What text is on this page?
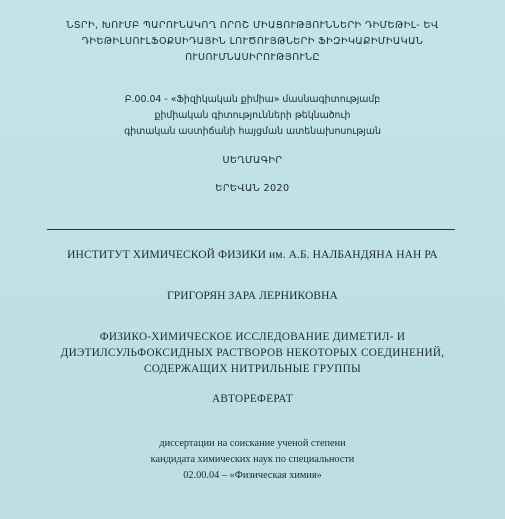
ՆՏՐԻ, ԽՈՒՄԲ ՊԱՐՈՒՆԱԿՈՂ ՈՐՈՇ ՄԻԱՑՈՒԹՅՈՒՆՆԵՐԻ ԴԻՄԵԹԻԼ- ԵՎ
ԴԻԵԹԻԼՍՈՒԼՖՕՔՍԻԴԱՅԻՆ ԼՈՒԾՈՒՅԹՆԵՐԻ ՖԻԶԻԿԱՔԻՄԻԱԿԱՆ
ՈՒՍՈՒՄՆԱՍԻՐՈՒԹՅՈՒՆԸ
Բ.00.04 - «Ֆիզիկական քիմիա» մասնագիտությամբ
քիմիական գիտությունների թեկնածուի
գիտական աստիճանի հայցման ատենախոսության
ՍԵՂՄԱԳԻՐ
ԵՐԵՎԱՆ 2020
ИНСТИТУТ ХИМИЧЕСКОЙ ФИЗИКИ им. А.Б. НАЛБАНДЯНА НАН РА
ГРИГОРЯН ЗАРА ЛЕРНИКОВНА
ФИЗИКО-ХИМИЧЕСКОЕ ИССЛЕДОВАНИЕ ДИМЕТИЛ- И
ДИЭТИЛСУЛЬФОКСИДНЫХ РАСТВОРОВ НЕКОТОРЫХ СОЕДИНЕНИЙ,
СОДЕРЖАЩИХ НИТРИЛЬНЫЕ ГРУППЫ
АВТОРЕФЕРАТ
диссертации на соискание ученой степени
кандидата химических наук по специальности
02.00.04 – «Физическая химия»
